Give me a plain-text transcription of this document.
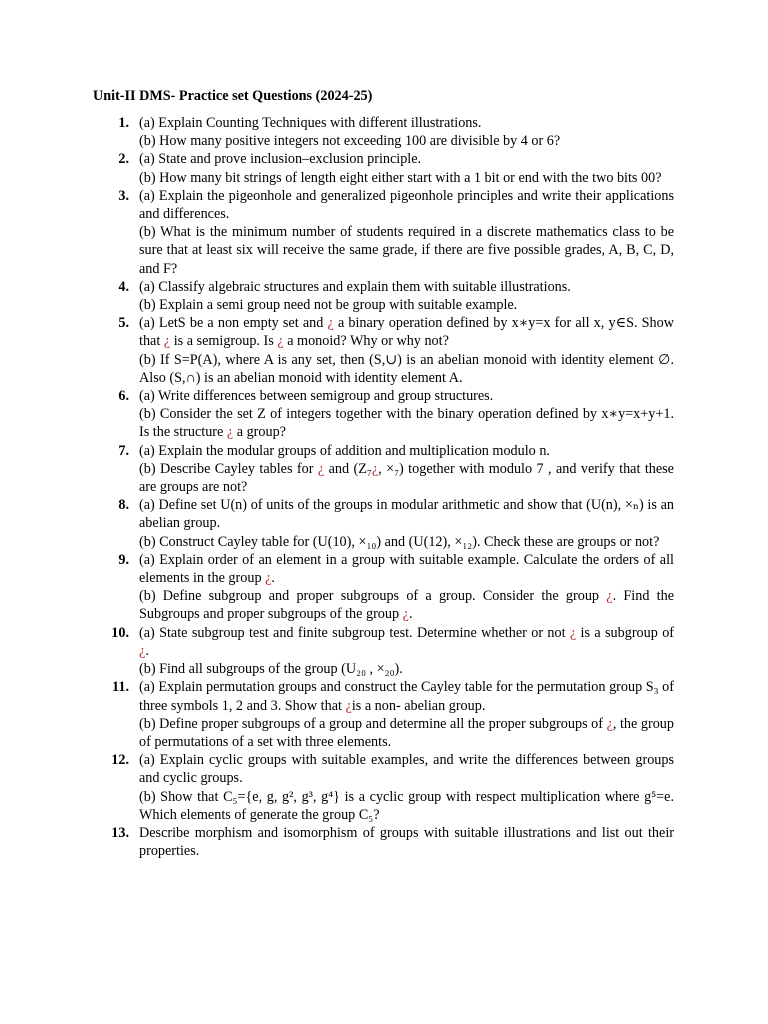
Unit-II DMS- Practice set Questions (2024-25)
1. (a) Explain Counting Techniques with different illustrations.

(b) How many positive integers not exceeding 100 are divisible by 4 or 6?

2. (a) State and prove inclusion–exclusion principle.

(b) How many bit strings of length eight either start with a 1 bit or end with the two bits 00?

3. (a) Explain the pigeonhole and generalized pigeonhole principles and write their applications and differences.

(b) What is the minimum number of students required in a discrete mathematics class to be sure that at least six will receive the same grade, if there are five possible grades, A, B, C, D, and F?

4. (a) Classify algebraic structures and explain them with suitable illustrations.

(b) Explain a semi group need not be group with suitable example.

5. (a) LetS be a non empty set and ¿ a binary operation defined by x∗y=x for all x, y∈S. Show that ¿ is a semigroup. Is ¿ a monoid? Why or why not?

(b) If S=P(A), where A is any set, then (S,∪) is an abelian monoid with identity element ∅. Also (S,∩) is an abelian monoid with identity element A.

6. (a) Write differences between semigroup and group structures.

(b) Consider the set Z of integers together with the binary operation defined by x∗y=x+y+1. Is the structure ¿ a group?

7. (a) Explain the modular groups of addition and multiplication modulo n.

(b) Describe Cayley tables for ¿ and (Z₇¿, ×₇) together with modulo 7 , and verify that these are groups are not?

8. (a) Define set U(n) of units of the groups in modular arithmetic and show that (U(n), ×ₙ) is an abelian group.

(b) Construct Cayley table for (U(10), ×₁₀) and (U(12), ×₁₂). Check these are groups or not?

9. (a) Explain order of an element in a group with suitable example. Calculate the orders of all elements in the group ¿.

(b) Define subgroup and proper subgroups of a group. Consider the group ¿. Find the Subgroups and proper subgroups of the group ¿.

10. (a) State subgroup test and finite subgroup test. Determine whether or not ¿ is a subgroup of ¿.

(b) Find all subgroups of the group (U₂₀ , ×₂₀).

11. (a) Explain permutation groups and construct the Cayley table for the permutation group S₃ of three symbols 1, 2 and 3. Show that ¿is a non- abelian group.

(b) Define proper subgroups of a group and determine all the proper subgroups of ¿, the group of permutations of a set with three elements.

12. (a) Explain cyclic groups with suitable examples, and write the differences between groups and cyclic groups.

(b) Show that C₅={e, g, g², g³, g⁴} is a cyclic group with respect multiplication where g⁵=e. Which elements of generate the group C₅?

13. Describe morphism and isomorphism of groups with suitable illustrations and list out their properties.
